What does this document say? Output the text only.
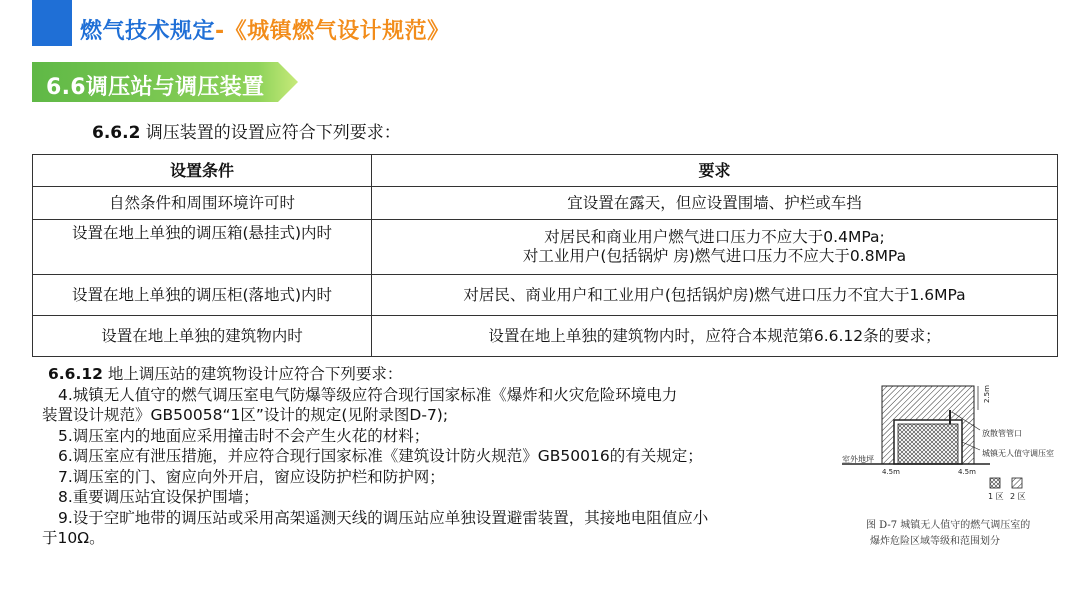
燃气技术规定-《城镇燃气设计规范》
6.6调压站与调压装置
6.6.2 调压装置的设置应符合下列要求：
设置条件	要求
自然条件和周围环境许可时	宜设置在露天，但应设置围墙、护栏或车挡
设置在地上单独的调压箱(悬挂式)内时	对居民和商业用户燃气进口压力不应大于0.4MPa;
对工业用户(包括锅炉 房)燃气进口压力不应大于0.8MPa

设置在地上单独的调压柜(落地式)内时	对居民、商业用户和工业用户(包括锅炉房)燃气进口压力不宜大于1.6MPa
设置在地上单独的建筑物内时	设置在地上单独的建筑物内时，应符合本规范第6.6.12条的要求；

6.6.12 地上调压站的建筑物设计应符合下列要求：

4.城镇无人值守的燃气调压室电气防爆等级应符合现行国家标准《爆炸和火灾危险环境电力

装置设计规范》GB50058“1区”设计的规定(见附录图D-7);

5.调压室内的地面应采用撞击时不会产生火花的材料；

6.调压室应有泄压措施，并应符合现行国家标准《建筑设计防火规范》GB50016的有关规定；

7.调压室的门、窗应向外开启，窗应设防护栏和防护网；

8.重要调压站宜设保护围墙；

9.设于空旷地带的调压站或采用高架遥测天线的调压站应单独设置避雷装置，其接地电阻值应小

于10Ω。

2.5m
放散管管口
城镇无人值守调压室
室外地坪
4.5m	4.5m
1 区 2 区
图 D-7 城镇无人值守的燃气调压室的
爆炸危险区域等级和范围划分
